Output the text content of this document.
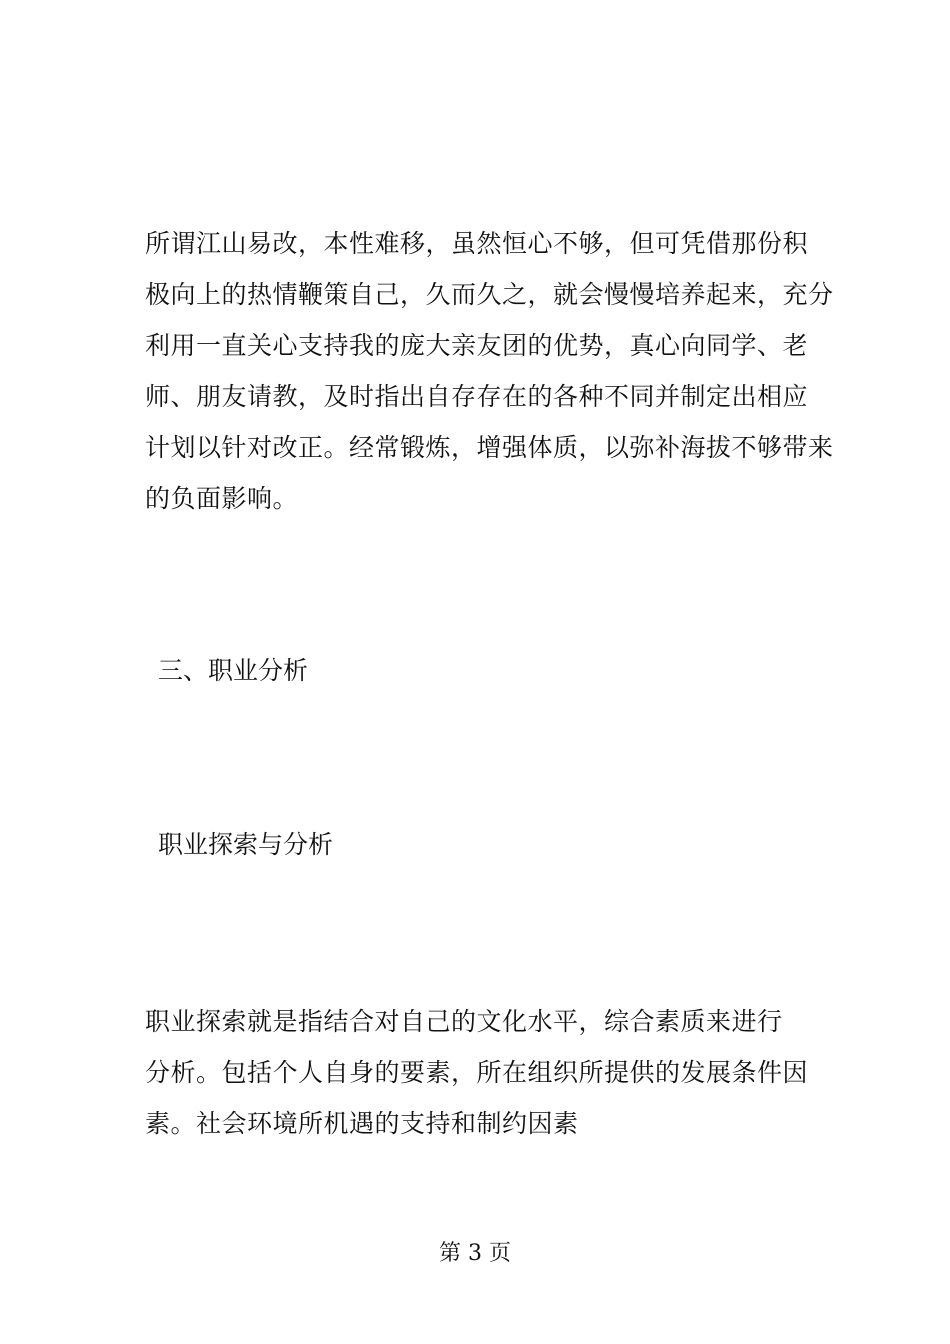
所谓江山易改，本性难移，虽然恒心不够，但可凭借那份积
极向上的热情鞭策自己，久而久之，就会慢慢培养起来，充分
利用一直关心支持我的庞大亲友团的优势，真心向同学、老
师、朋友请教，及时指出自存存在的各种不同并制定出相应
计划以针对改正。经常锻炼，增强体质，以弥补海拔不够带来
的负面影响。

三、职业分析
职业探索与分析

职业探索就是指结合对自己的文化水平，综合素质来进行
分析。包括个人自身的要素，所在组织所提供的发展条件因
素。社会环境所机遇的支持和制约因素

第 3 页
